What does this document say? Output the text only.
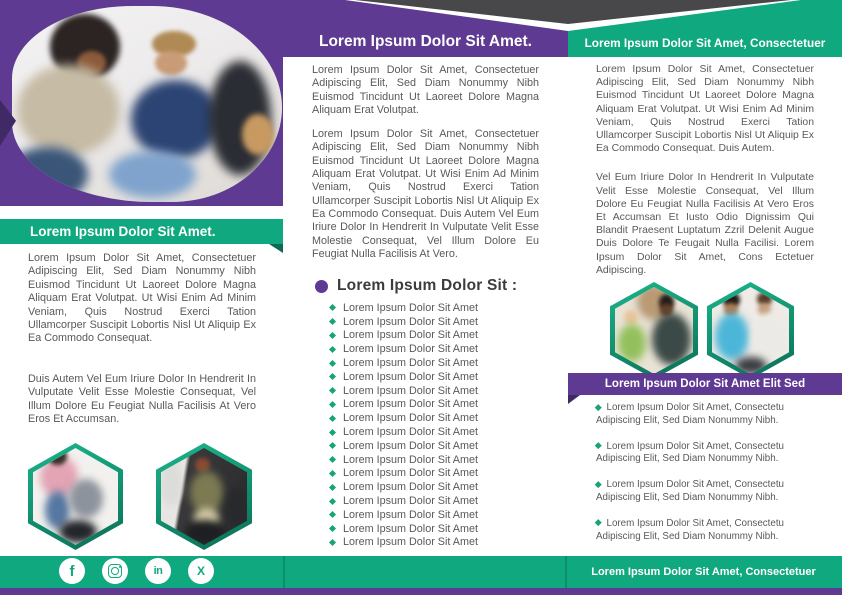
Lorem Ipsum Dolor Sit Amet.	Lorem Ipsum Dolor Sit Amet, Consectetuer
Lorem Ipsum Dolor Sit Amet.

Lorem Ipsum Dolor Sit Amet, Consectetuer Adipiscing Elit, Sed Diam Nonummy Nibh Euismod Tincidunt Ut Laoreet Dolore Magna Aliquam Erat Volutpat. Ut Wisi Enim Ad Minim Veniam, Quis Nostrud Exerci Tation Ullamcorper Suscipit Lobortis Nisl Ut Aliquip Ex Ea Commodo Consequat.

Duis Autem Vel Eum Iriure Dolor In Hendrerit In Vulputate Velit Esse Molestie Consequat, Vel Illum Dolore Eu Feugiat Nulla Facilisis At Vero Eros Et Accumsan.

Lorem Ipsum Dolor Sit Amet, Consectetuer Adipiscing Elit, Sed Diam Nonummy Nibh Euismod Tincidunt Ut Laoreet Dolore Magna Aliquam Erat Volutpat.

Lorem Ipsum Dolor Sit Amet, Consectetuer Adipiscing Elit, Sed Diam Nonummy Nibh Euismod Tincidunt Ut Laoreet Dolore Magna Aliquam Erat Volutpat. Ut Wisi Enim Ad Minim Veniam, Quis Nostrud Exerci Tation Ullamcorper Suscipit Lobortis Nisl Ut Aliquip Ex Ea Commodo Consequat. Duis Autem Vel Eum Iriure Dolor In Hendrerit In Vulputate Velit Esse Molestie Consequat, Vel Illum Dolore Eu Feugiat Nulla Facilisis At Vero.

Lorem Ipsum Dolor Sit :
Lorem Ipsum Dolor Sit Amet
Lorem Ipsum Dolor Sit Amet
Lorem Ipsum Dolor Sit Amet
Lorem Ipsum Dolor Sit Amet
Lorem Ipsum Dolor Sit Amet
Lorem Ipsum Dolor Sit Amet
Lorem Ipsum Dolor Sit Amet
Lorem Ipsum Dolor Sit Amet
Lorem Ipsum Dolor Sit Amet
Lorem Ipsum Dolor Sit Amet
Lorem Ipsum Dolor Sit Amet
Lorem Ipsum Dolor Sit Amet
Lorem Ipsum Dolor Sit Amet
Lorem Ipsum Dolor Sit Amet
Lorem Ipsum Dolor Sit Amet
Lorem Ipsum Dolor Sit Amet
Lorem Ipsum Dolor Sit Amet
Lorem Ipsum Dolor Sit Amet

Lorem Ipsum Dolor Sit Amet, Consectetuer Adipiscing Elit, Sed Diam Nonummy Nibh Euismod Tincidunt Ut Laoreet Dolore Magna Aliquam Erat Volutpat. Ut Wisi Enim Ad Minim Veniam, Quis Nostrud Exerci Tation Ullamcorper Suscipit Lobortis Nisl Ut Aliquip Ex Ea Commodo Consequat. Duis Autem.

Vel Eum Iriure Dolor In Hendrerit In Vulputate Velit Esse Molestie Consequat, Vel Illum Dolore Eu Feugiat Nulla Facilisis At Vero Eros Et Accumsan Et Iusto Odio Dignissim Qui Blandit Praesent Luptatum Zzril Delenit Augue Duis Dolore Te Feugait Nulla Facilisi. Lorem Ipsum Dolor Sit Amet, Cons Ectetuer Adipiscing.

Lorem Ipsum Dolor Sit Amet Elit Sed

Lorem Ipsum Dolor Sit Amet, Consectetu Adipiscing Elit, Sed Diam Nonummy Nibh.

Lorem Ipsum Dolor Sit Amet, Consectetu Adipiscing Elit, Sed Diam Nonummy Nibh.

Lorem Ipsum Dolor Sit Amet, Consectetu Adipiscing Elit, Sed Diam Nonummy Nibh.

Lorem Ipsum Dolor Sit Amet, Consectetu Adipiscing Elit, Sed Diam Nonummy Nibh.

f	in	X	Lorem Ipsum Dolor Sit Amet, Consectetuer
